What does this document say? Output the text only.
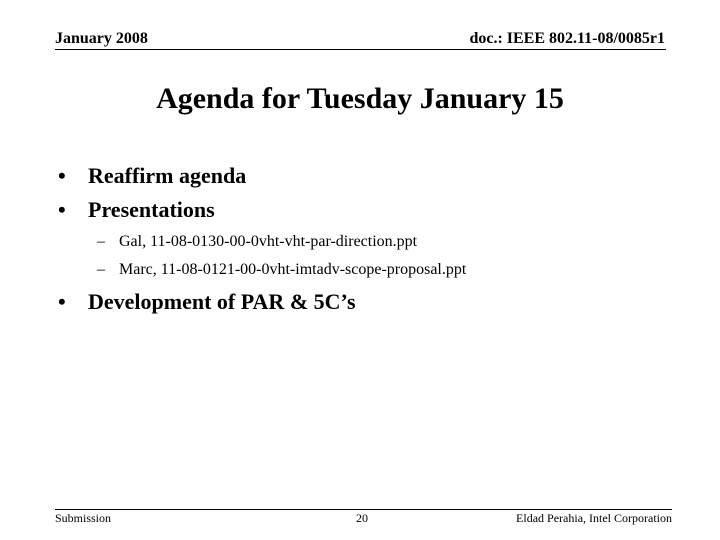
January 2008	doc.: IEEE 802.11-08/0085r1
Agenda for Tuesday January 15
• Reaffirm agenda
• Presentations
– Gal, 11-08-0130-00-0vht-vht-par-direction.ppt
– Marc, 11-08-0121-00-0vht-imtadv-scope-proposal.ppt
• Development of PAR & 5C’s
Submission	20	Eldad Perahia, Intel Corporation
